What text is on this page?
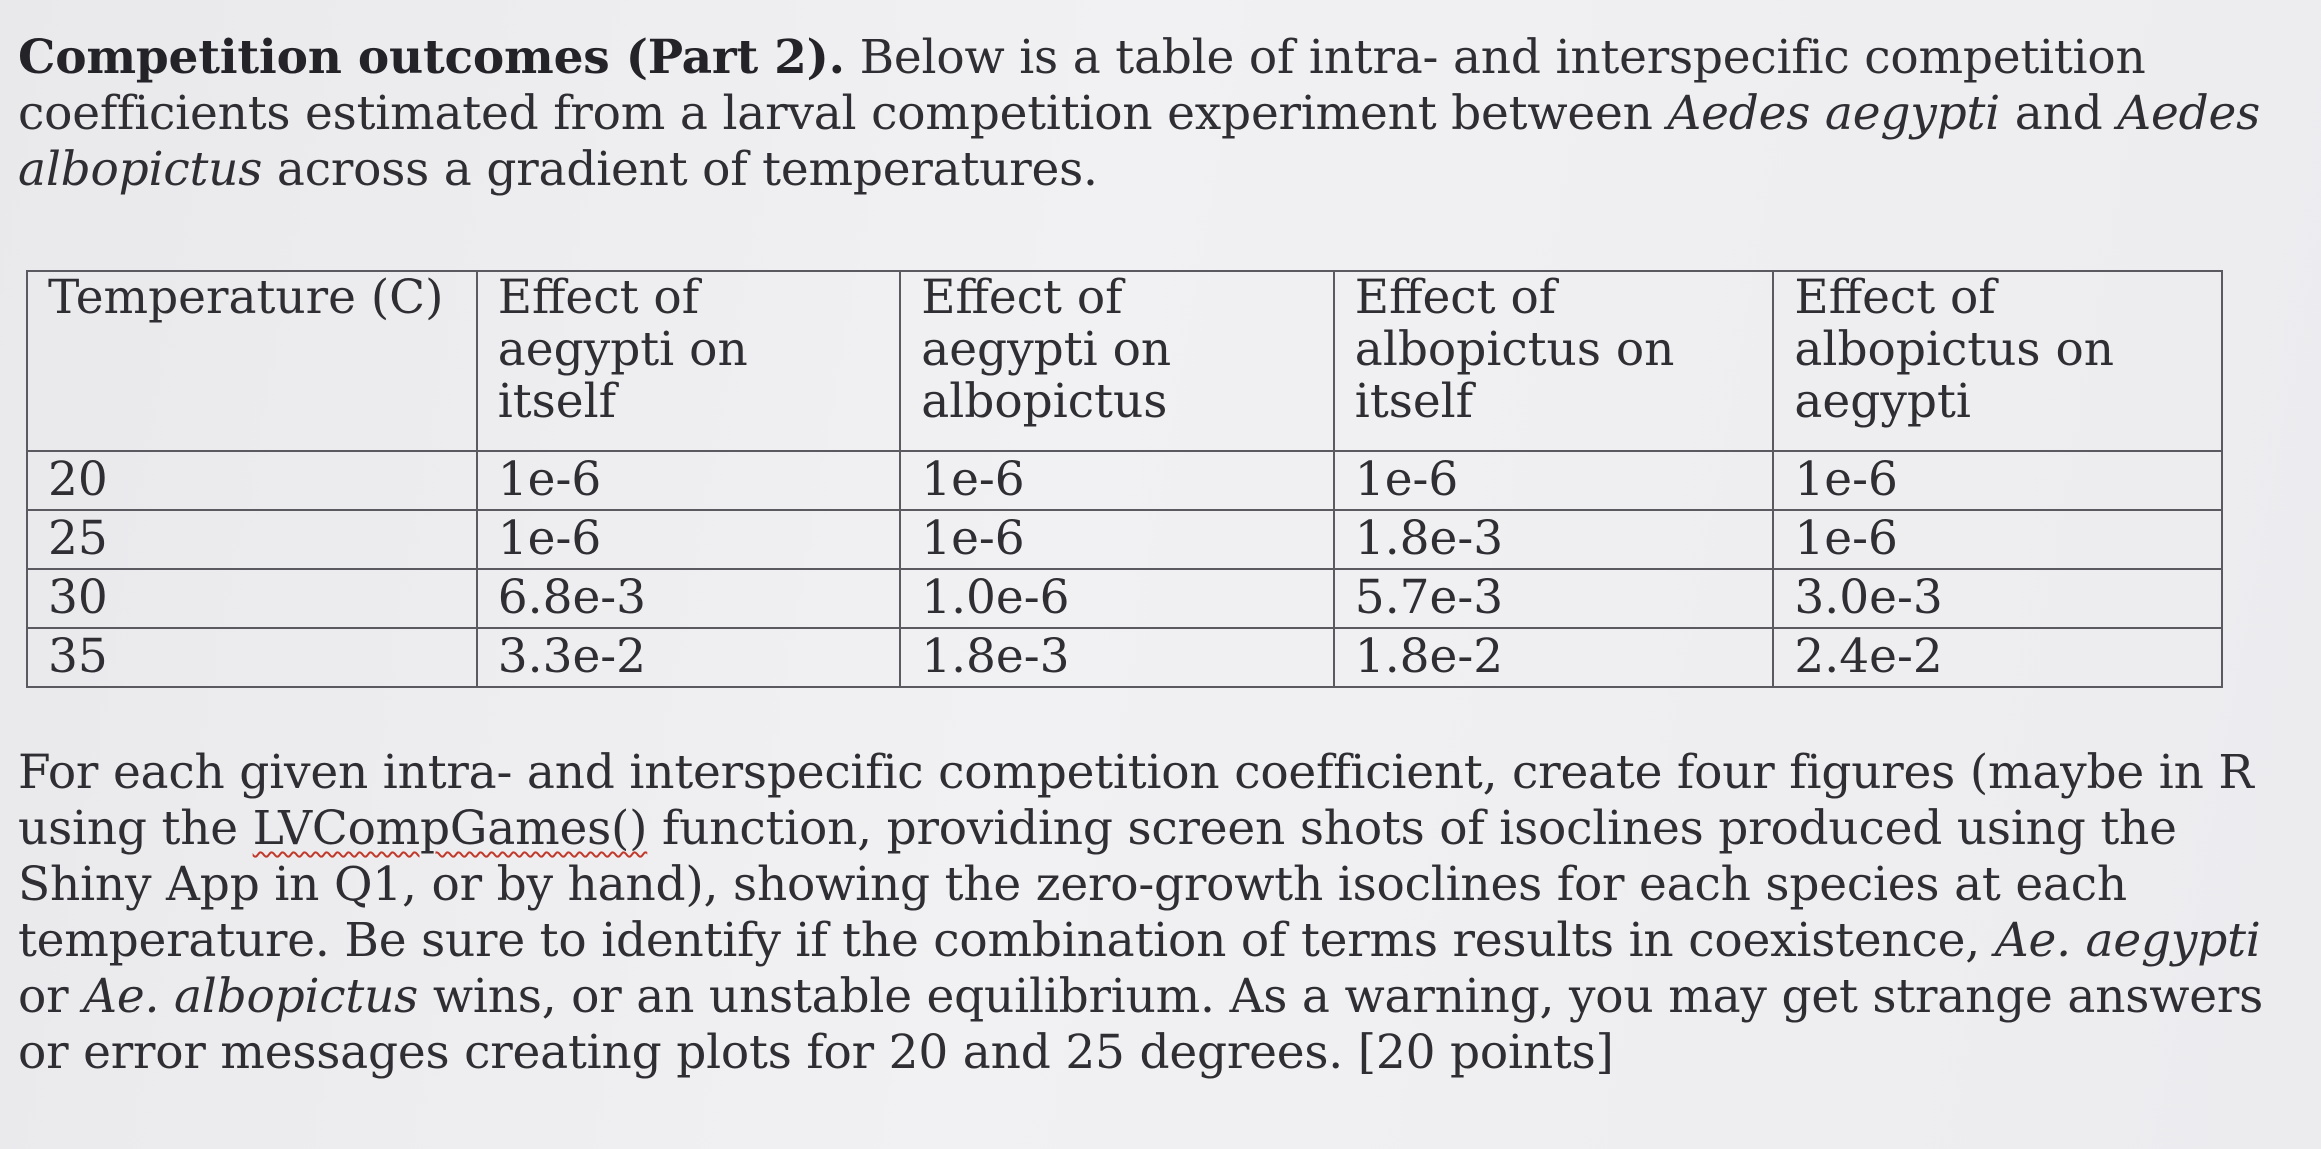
Competition outcomes (Part 2). Below is a table of intra- and interspecific competition coefficients estimated from a larval competition experiment between Aedes aegypti and Aedes albopictus across a gradient of temperatures.

Temperature (C)	Effect of aegypti on itself	Effect of aegypti on albopictus	Effect of albopictus on itself	Effect of albopictus on aegypti
20	1e-6	1e-6	1e-6	1e-6
25	1e-6	1e-6	1.8e-3	1e-6
30	6.8e-3	1.0e-6	5.7e-3	3.0e-3
35	3.3e-2	1.8e-3	1.8e-2	2.4e-2

For each given intra- and interspecific competition coefficient, create four figures (maybe in R using the LVCompGames() function, providing screen shots of isoclines produced using the Shiny App in Q1, or by hand), showing the zero-growth isoclines for each species at each temperature. Be sure to identify if the combination of terms results in coexistence, Ae. aegypti or Ae. albopictus wins, or an unstable equilibrium. As a warning, you may get strange answers or error messages creating plots for 20 and 25 degrees. [20 points]
